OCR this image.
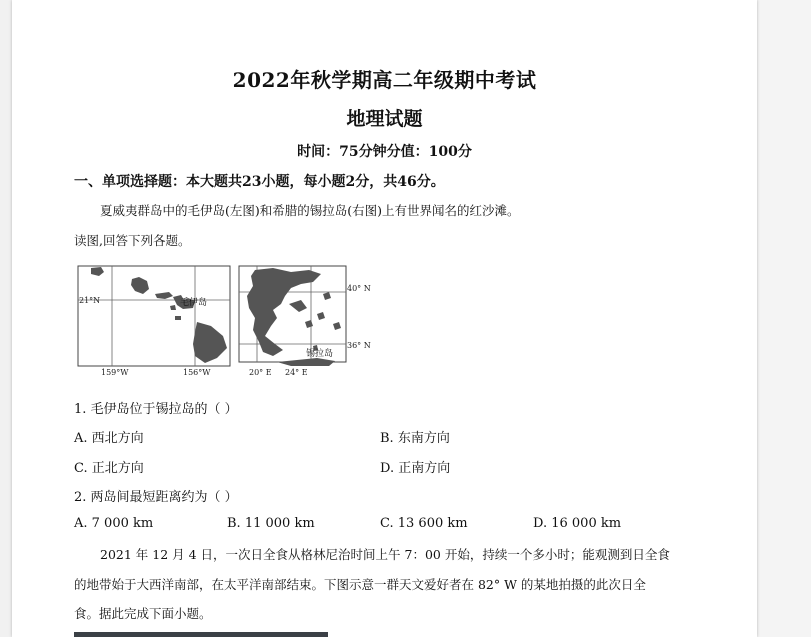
2022年秋学期高二年级期中考试
地理试题
时间：75分钟分值：100分
一、单项选择题：本大题共23小题，每小题2分，共46分。
夏威夷群岛中的毛伊岛(左图)和希腊的锡拉岛(右图)上有世界闻名的红沙滩。
读图,回答下列各题。
21°N	毛伊岛
159°W	156°W
40° N
36° N
锡拉岛
20° E 24° E
1. 毛伊岛位于锡拉岛的（ ）
A. 西北方向	B. 东南方向
C. 正北方向	D. 正南方向
2. 两岛间最短距离约为（ ）
A. 7 000 km	B. 11 000 km	C. 13 600 km	D. 16 000 km
2021 年 12 月 4 日，一次日全食从格林尼治时间上午 7：00 开始，持续一个多小时；能观测到日全食
的地带始于大西洋南部，在太平洋南部结束。下图示意一群天文爱好者在 82° W 的某地拍摄的此次日全
食。据此完成下面小题。
